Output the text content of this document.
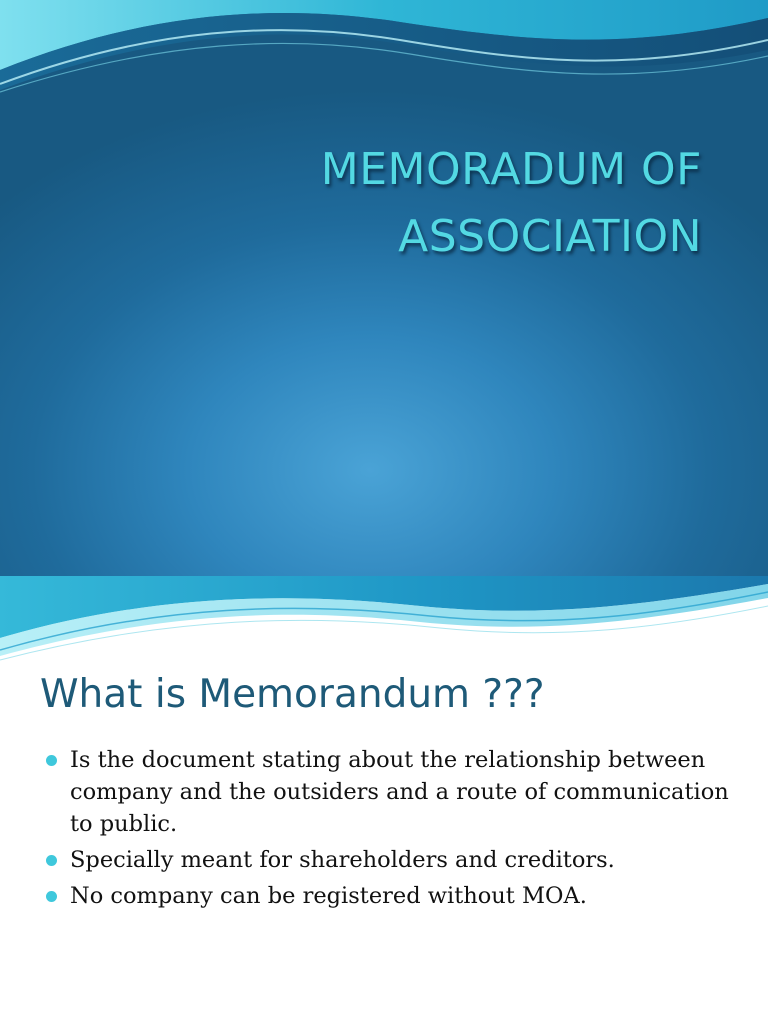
MEMORADUM OF
ASSOCIATION
What is Memorandum ???
Is the document stating about the relationship between company and the outsiders and a route of communication to public.
Specially meant for shareholders and creditors.
No company can be registered without MOA.
